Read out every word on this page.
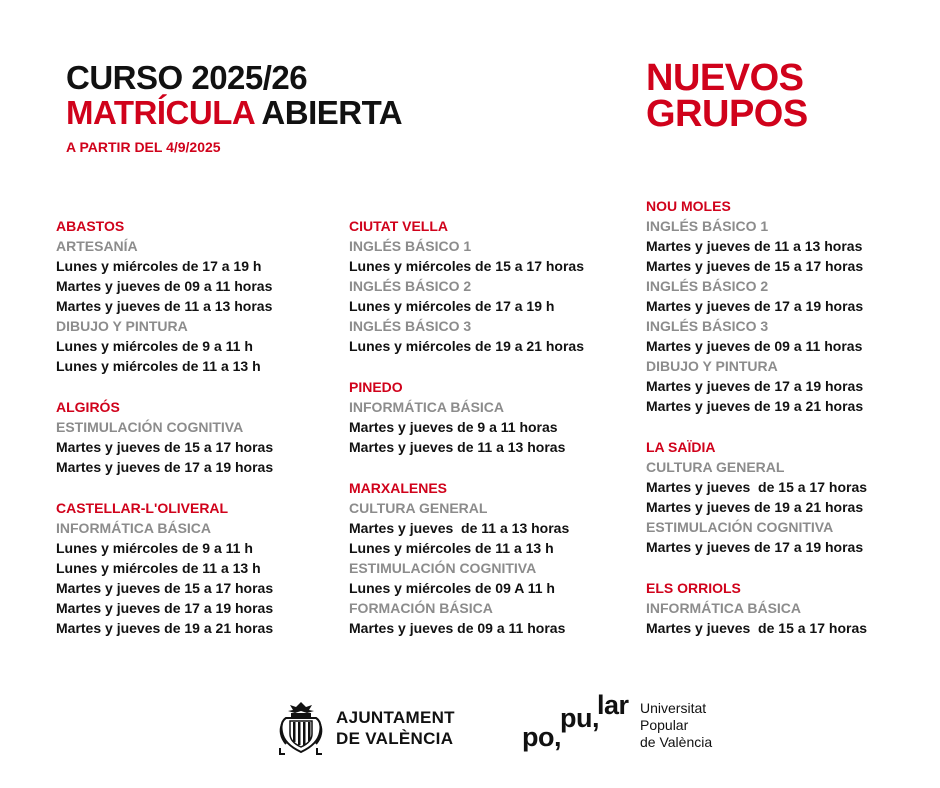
CURSO 2025/26
MATRÍCULA ABIERTA
A PARTIR DEL 4/9/2025
NUEVOS
GRUPOS
ABASTOS
ARTESANÍA
Lunes y miércoles de 17 a 19 h
Martes y jueves de 09 a 11 horas
Martes y jueves de 11 a 13 horas
DIBUJO Y PINTURA
Lunes y miércoles de 9 a 11 h
Lunes y miércoles de 11 a 13 h
ALGIRÓS
ESTIMULACIÓN COGNITIVA
Martes y jueves de 15 a 17 horas
Martes y jueves de 17 a 19 horas
CASTELLAR-L'OLIVERAL
INFORMÁTICA BÁSICA
Lunes y miércoles de 9 a 11 h
Lunes y miércoles de 11 a 13 h
Martes y jueves de 15 a 17 horas
Martes y jueves de 17 a 19 horas
Martes y jueves de 19 a 21 horas
CIUTAT VELLA
INGLÉS BÁSICO 1
Lunes y miércoles de 15 a 17 horas
INGLÉS BÁSICO 2
Lunes y miércoles de 17 a 19 h
INGLÉS BÁSICO 3
Lunes y miércoles de 19 a 21 horas
PINEDO
INFORMÁTICA BÁSICA
Martes y jueves de 9 a 11 horas
Martes y jueves de 11 a 13 horas
MARXALENES
CULTURA GENERAL
Martes y jueves  de 11 a 13 horas
Lunes y miércoles de 11 a 13 h
ESTIMULACIÓN COGNITIVA
Lunes y miércoles de 09 A 11 h
FORMACIÓN BÁSICA
Martes y jueves de 09 a 11 horas
NOU MOLES
INGLÉS BÁSICO 1
Martes y jueves de 11 a 13 horas
Martes y jueves de 15 a 17 horas
INGLÉS BÁSICO 2
Martes y jueves de 17 a 19 horas
INGLÉS BÁSICO 3
Martes y jueves de 09 a 11 horas
DIBUJO Y PINTURA
Martes y jueves de 17 a 19 horas
Martes y jueves de 19 a 21 horas
LA SAÏDIA
CULTURA GENERAL
Martes y jueves  de 15 a 17 horas
Martes y jueves de 19 a 21 horas
ESTIMULACIÓN COGNITIVA
Martes y jueves de 17 a 19 horas
ELS ORRIOLS
INFORMÁTICA BÁSICA
Martes y jueves  de 15 a 17 horas
AJUNTAMENT
DE VALÈNCIA	po,
pu,
lar Universitat
Popular
de València
